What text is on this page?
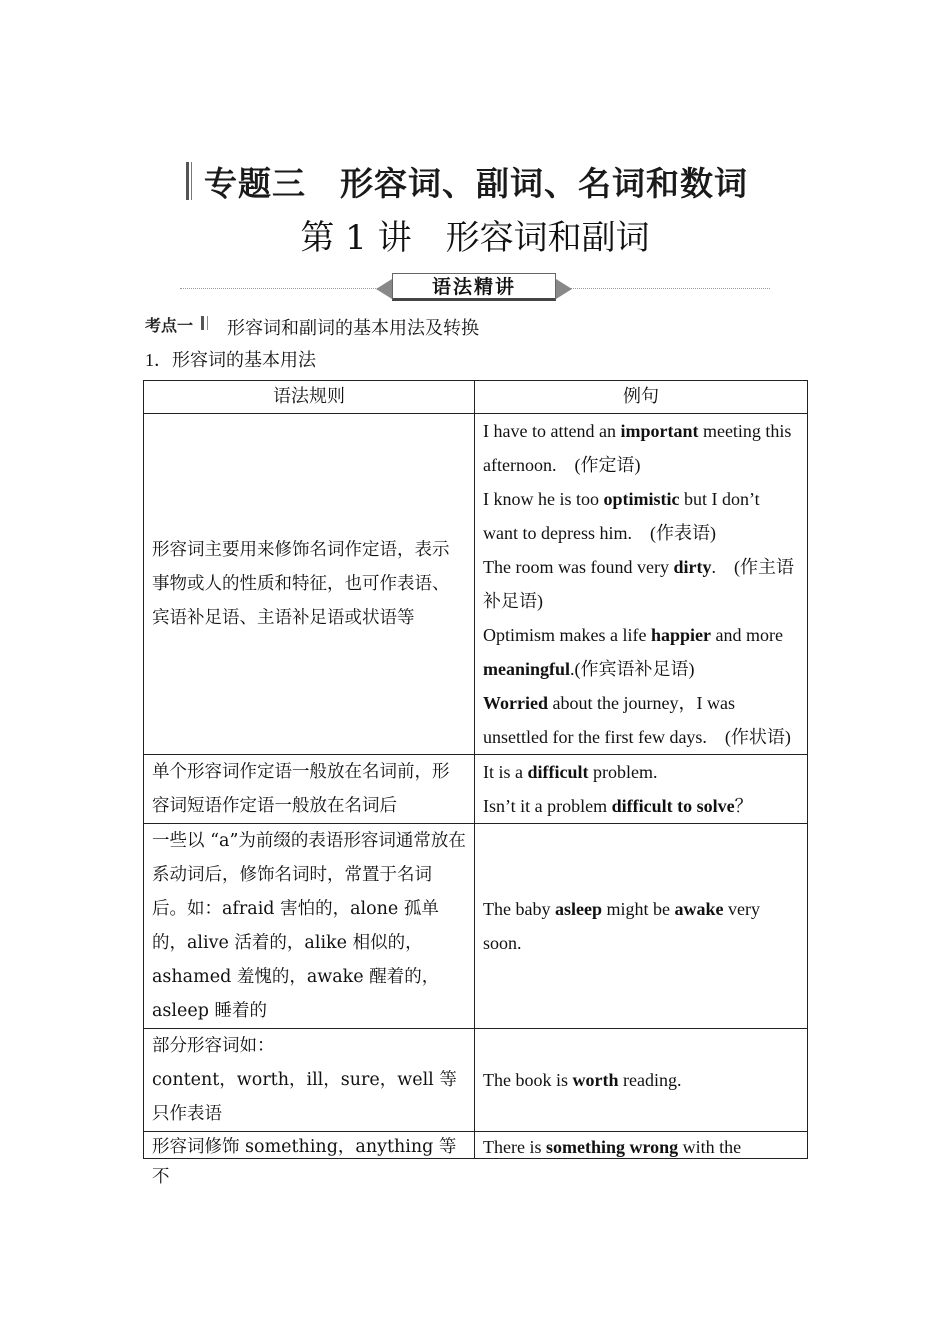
专题三　形容词、副词、名词和数词
第 1 讲　形容词和副词
语法精讲
考点一 形容词和副词的基本用法及转换
1．形容词的基本用法
语法规则	例句
形容词主要用来修饰名词作定语，表示事物或人的性质和特征，也可作表语、宾语补足语、主语补足语或状语等	I have to attend an important meeting this afternoon.　(作定语)
I know he is too optimistic but I don’t want to depress him.　(作表语)
The room was found very dirty.　(作主语补足语)
Optimism makes a life happier and more meaningful.(作宾语补足语)
Worried about the journey，I was unsettled for the first few days.　(作状语)

单个形容词作定语一般放在名词前，形容词短语作定语一般放在名词后	It is a difficult problem.
Isn’t it a problem difficult to solve？

一些以 “a”为前缀的表语形容词通常放在系动词后，修饰名词时，常置于名词后。如：afraid 害怕的，alone 孤单的，alive 活着的，alike 相似的，ashamed 羞愧的，awake 醒着的，asleep 睡着的	The baby asleep might be awake very soon.

部分形容词如：
content，worth，ill，sure，well 等只作表语	The book is worth reading.

形容词修饰 something，anything 等不	There is something wrong with the
